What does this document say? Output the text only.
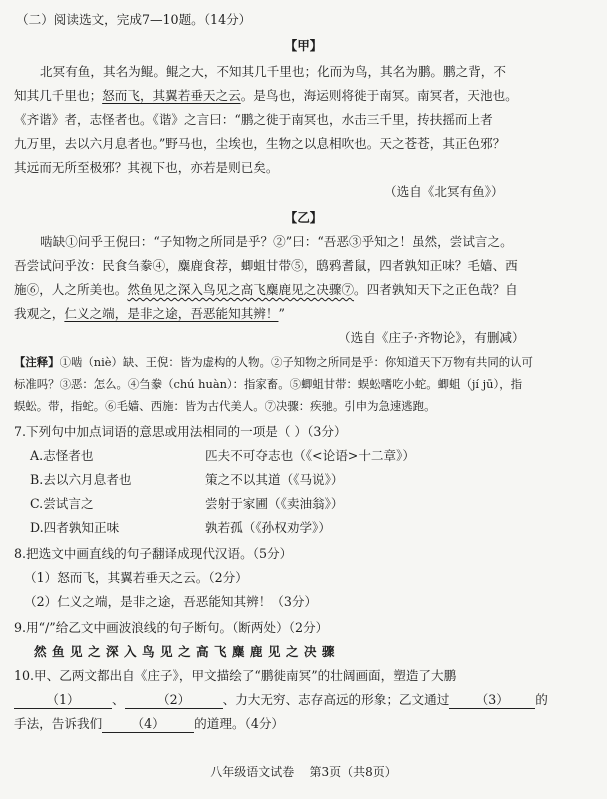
（二）阅读选文，完成7—10题。（14分）
【甲】
北冥有鱼，其名为鲲。鲲之大，不知其几千里也；化而为鸟，其名为鹏。鹏之背，不
知其几千里也；怒而飞，其翼若垂天之云。是鸟也，海运则将徙于南冥。南冥者，天池也。
《齐谐》者，志怪者也。《谐》之言曰：“鹏之徙于南冥也，水击三千里，抟扶摇而上者
九万里，去以六月息者也。”野马也，尘埃也，生物之以息相吹也。天之苍苍，其正色邪？
其远而无所至极邪？其视下也，亦若是则已矣。
（选自《北冥有鱼》）
【乙】
啮缺①问乎王倪曰：“子知物之所同是乎？②”曰：“吾恶③乎知之！虽然，尝试言之。
吾尝试问乎汝：民食刍豢④，麋鹿食荐，蝍蛆甘带⑤，鸱鸦耆鼠，四者孰知正味？毛嫱、西
施⑥，人之所美也。然鱼见之深入鸟见之高飞麋鹿见之决骤⑦。四者孰知天下之正色哉？自
我观之，仁义之端，是非之途，吾恶能知其辨！”
（选自《庄子·齐物论》，有删减）
【注释】①啮（niè）缺、王倪：皆为虚构的人物。②子知物之所同是乎：你知道天下万物有共同的认可
标准吗？③恶：怎么。④刍豢（chú huàn）：指家畜。⑤蝍蛆甘带：蜈蚣嗜吃小蛇。蝍蛆（jí jū），指
蜈蚣。带，指蛇。⑥毛嫱、西施：皆为古代美人。⑦决骤：疾驰。引申为急速逃跑。
7.下列句中加点词语的意思或用法相同的一项是（ ）（3分）
A.志怪者也	匹夫不可夺志也（《<论语>十二章》）
B.去以六月息者也	策之不以其道（《马说》）
C.尝试言之	尝射于家圃（《卖油翁》）
D.四者孰知正味	孰若孤（《孙权劝学》）
8.把选文中画直线的句子翻译成现代汉语。（5分）
（1）怒而飞，其翼若垂天之云。（2分）
（2）仁义之端，是非之途，吾恶能知其辨！（3分）
9.用“/”给乙文中画波浪线的句子断句。（断两处）（2分）
然鱼见之深入鸟见之高飞麋鹿见之决骤
10.甲、乙两文都出自《庄子》，甲文描绘了“鹏徙南冥”的壮阔画面，塑造了大鹏
（1）	、	（2）	、力大无穷、志存高远的形象；乙文通过 （3） 的
手法，告诉我们 （4） 的道理。（4分）
八年级语文试卷    第3页（共8页）
